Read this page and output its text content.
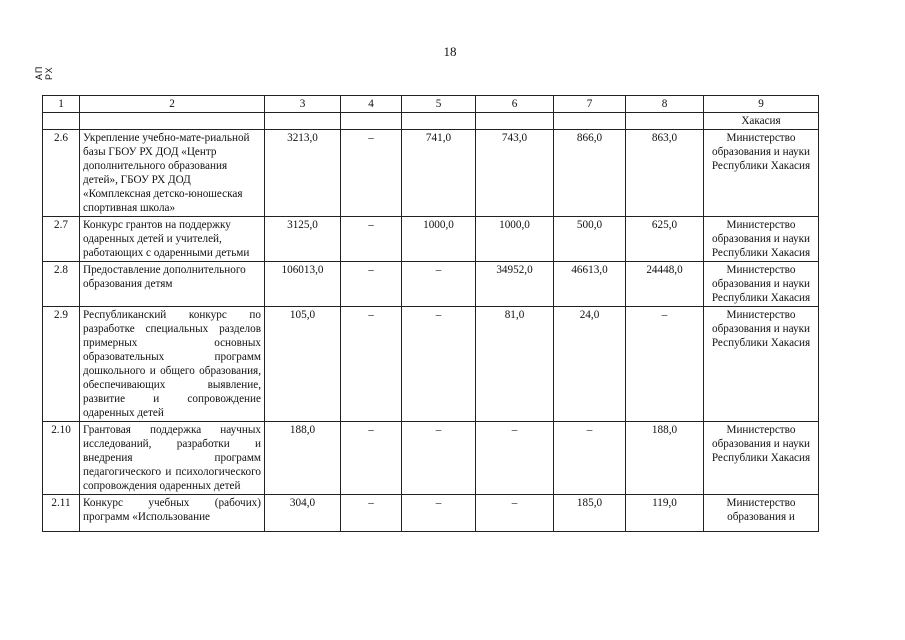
18
АП РХ
1	2	3	4	5	6	7	8	9
								Хакасия
2.6	Укрепление учебно-мате-риальной базы ГБОУ РХ ДОД «Центр дополнительного образования детей», ГБОУ РХ ДОД «Комплексная детско-юношеская спортивная школа»	3213,0	–	741,0	743,0	866,0	863,0	Министерство образования и науки Республики Хакасия
2.7	Конкурс грантов на поддержку одаренных детей и учителей, работающих с одаренными детьми	3125,0	–	1000,0	1000,0	500,0	625,0	Министерство образования и науки Республики Хакасия
2.8	Предоставление дополнительного образования детям	106013,0	–	–	34952,0	46613,0	24448,0	Министерство образования и науки Республики Хакасия
2.9	Республиканский конкурс по разработке специальных разделов примерных основных образовательных программ дошкольного и общего образования, обеспечивающих выявление, развитие и сопровождение одаренных детей	105,0	–	–	81,0	24,0	–	Министерство образования и науки Республики Хакасия
2.10	Грантовая поддержка научных исследований, разработки и внедрения программ педагогического и психологического сопровождения одаренных детей	188,0	–	–	–	–	188,0	Министерство образования и науки Республики Хакасия
2.11	Конкурс учебных (рабочих) программ «Использование	304,0	–	–	–	185,0	119,0	Министерство образования и
